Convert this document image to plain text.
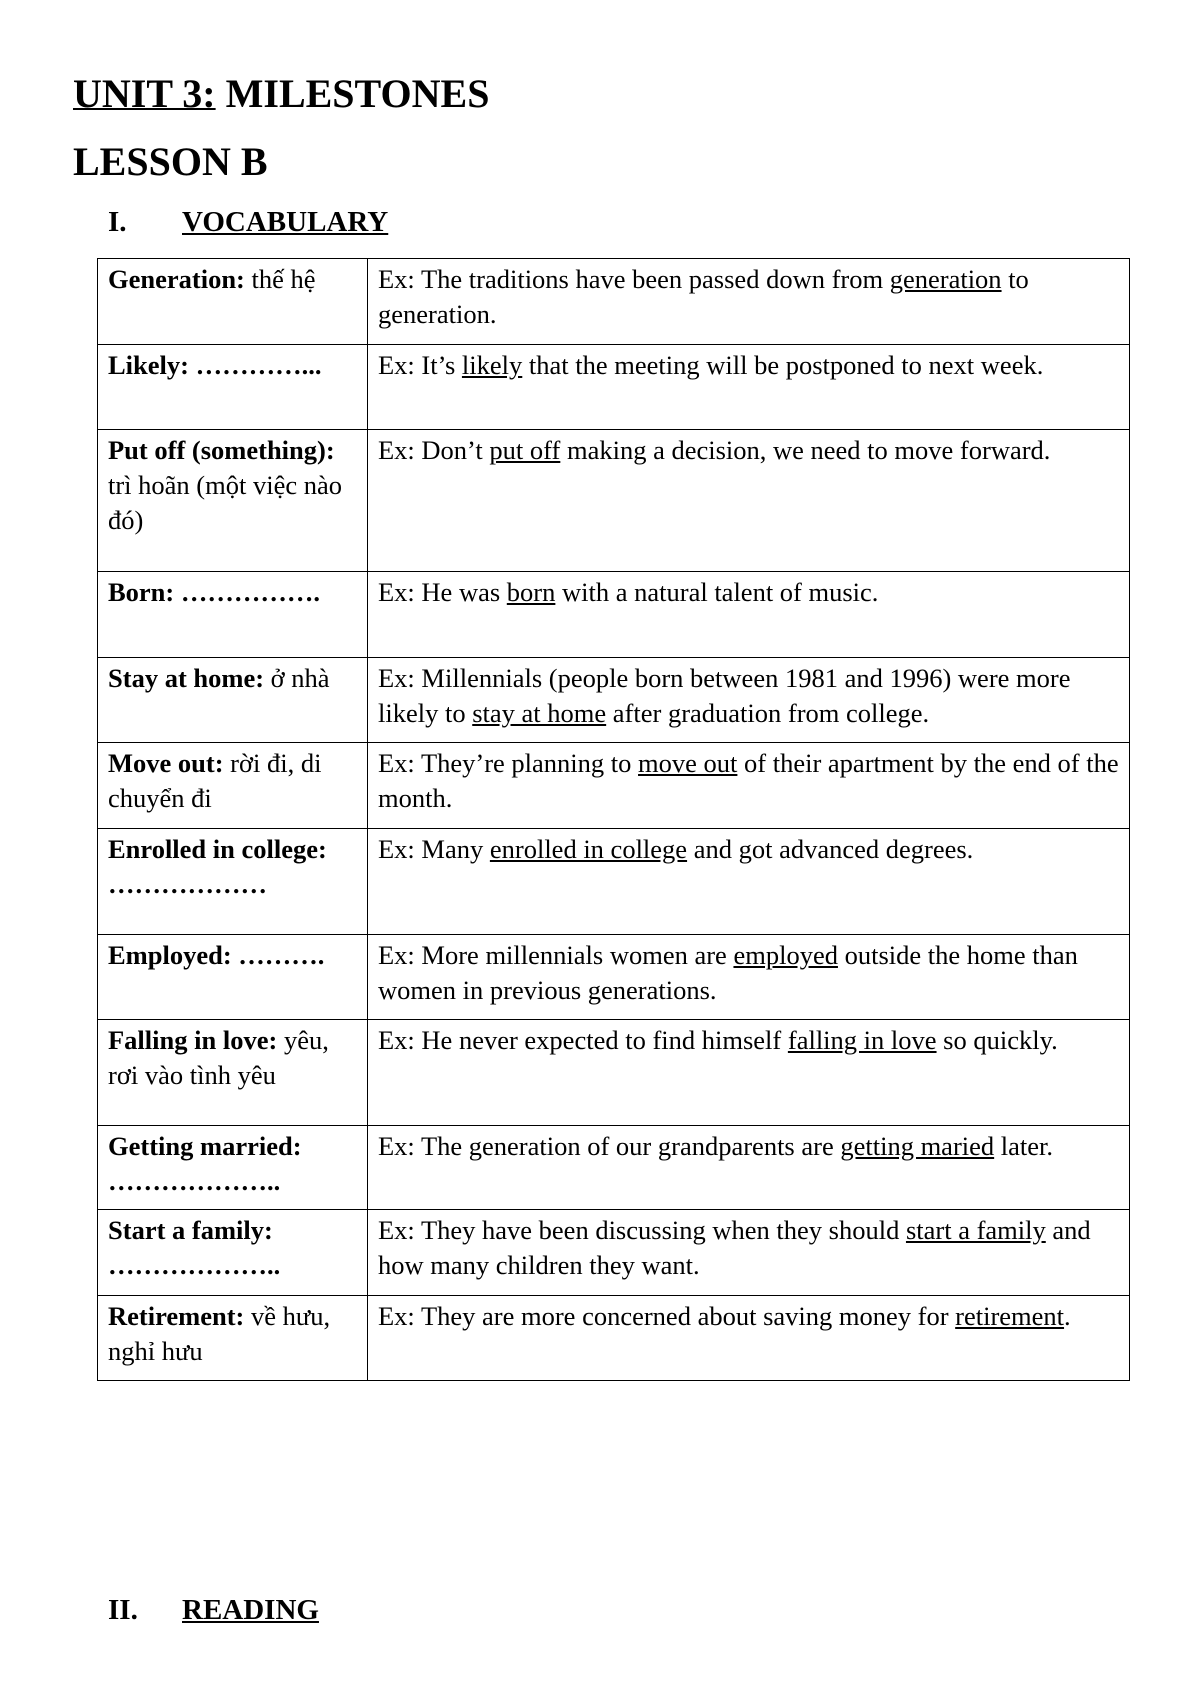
UNIT 3: MILESTONES
LESSON B
I. VOCABULARY
Generation: thế hệ	Ex: The traditions have been passed down from generation to generation.
Likely: …………...	Ex: It’s likely that the meeting will be postponed to next week.
Put off (something): trì hoãn (một việc nào đó)	Ex: Don’t put off making a decision, we need to move forward.
Born: …………….	Ex: He was born with a natural talent of music.
Stay at home: ở nhà	Ex: Millennials (people born between 1981 and 1996) were more likely to stay at home after graduation from college.
Move out: rời đi, di chuyển đi	Ex: They’re planning to move out of their apartment by the end of the month.
Enrolled in college: ………………	Ex: Many enrolled in college and got advanced degrees.
Employed: ……….	Ex: More millennials women are employed outside the home than women in previous generations.
Falling in love: yêu, rơi vào tình yêu	Ex: He never expected to find himself falling in love so quickly.
Getting married: ………………..	Ex: The generation of our grandparents are getting maried later.
Start a family: ………………..	Ex: They have been discussing when they should start a family and how many children they want.
Retirement: về hưu, nghỉ hưu	Ex: They are more concerned about saving money for retirement.
II. READING
